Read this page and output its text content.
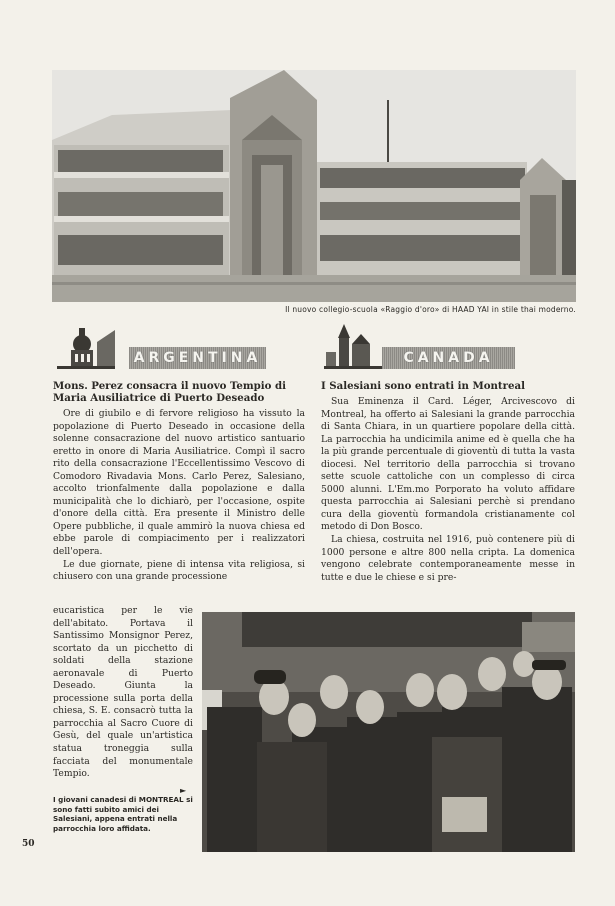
Il nuovo collegio-scuola «Raggio d'oro» di HAAD YAI in stile thai moderno.
ARGENTINA	CANADA
Mons. Perez consacra il nuovo Tempio di Maria Ausiliatrice di Puerto Deseado

Ore di giubilo e di fervore religioso ha vissuto la popolazione di Puerto Deseado in occasione della solenne consacrazione del nuovo artistico santuario eretto in onore di Maria Ausiliatrice. Compì il sacro rito della consacrazione l'Eccellentissimo Vescovo di Comodoro Rivadavia Mons. Carlo Perez, Salesiano, accolto trionfalmente dalla popolazione e dalla municipalità che lo dichiarò, per l'occasione, ospite d'onore della città. Era presente il Ministro delle Opere pubbliche, il quale ammirò la nuova chiesa ed ebbe parole di compiacimento per i realizzatori dell'opera.

Le due giornate, piene di intensa vita religiosa, si chiusero con una grande processione

eucaristica per le vie dell'abitato. Portava il Santissimo Monsignor Perez, scortato da un picchetto di soldati della stazione aeronavale di Puerto Deseado. Giunta la processione sulla porta della chiesa, S. E. consacrò tutta la parrocchia al Sacro Cuore di Gesù, del quale un'artistica statua troneggia sulla facciata del monumentale Tempio.

►
I giovani canadesi di MONTREAL si sono fatti subito amici dei Salesiani, appena entrati nella parrocchia loro affidata.
50
I Salesiani sono entrati in Montreal

Sua Eminenza il Card. Léger, Arcivescovo di Montreal, ha offerto ai Salesiani la grande parrocchia di Santa Chiara, in un quartiere popolare della città. La parrocchia ha undicimila anime ed è quella che ha la più grande percentuale di gioventù di tutta la vasta diocesi. Nel territorio della parrocchia si trovano sette scuole cattoliche con un complesso di circa 5000 alunni. L'Em.mo Porporato ha voluto affidare questa parrocchia ai Salesiani perchè si prendano cura della gioventù formandola cristianamente col metodo di Don Bosco.

La chiesa, costruita nel 1916, può contenere più di 1000 persone e altre 800 nella cripta. La domenica vengono celebrate contemporaneamente messe in tutte e due le chiese e si pre-
